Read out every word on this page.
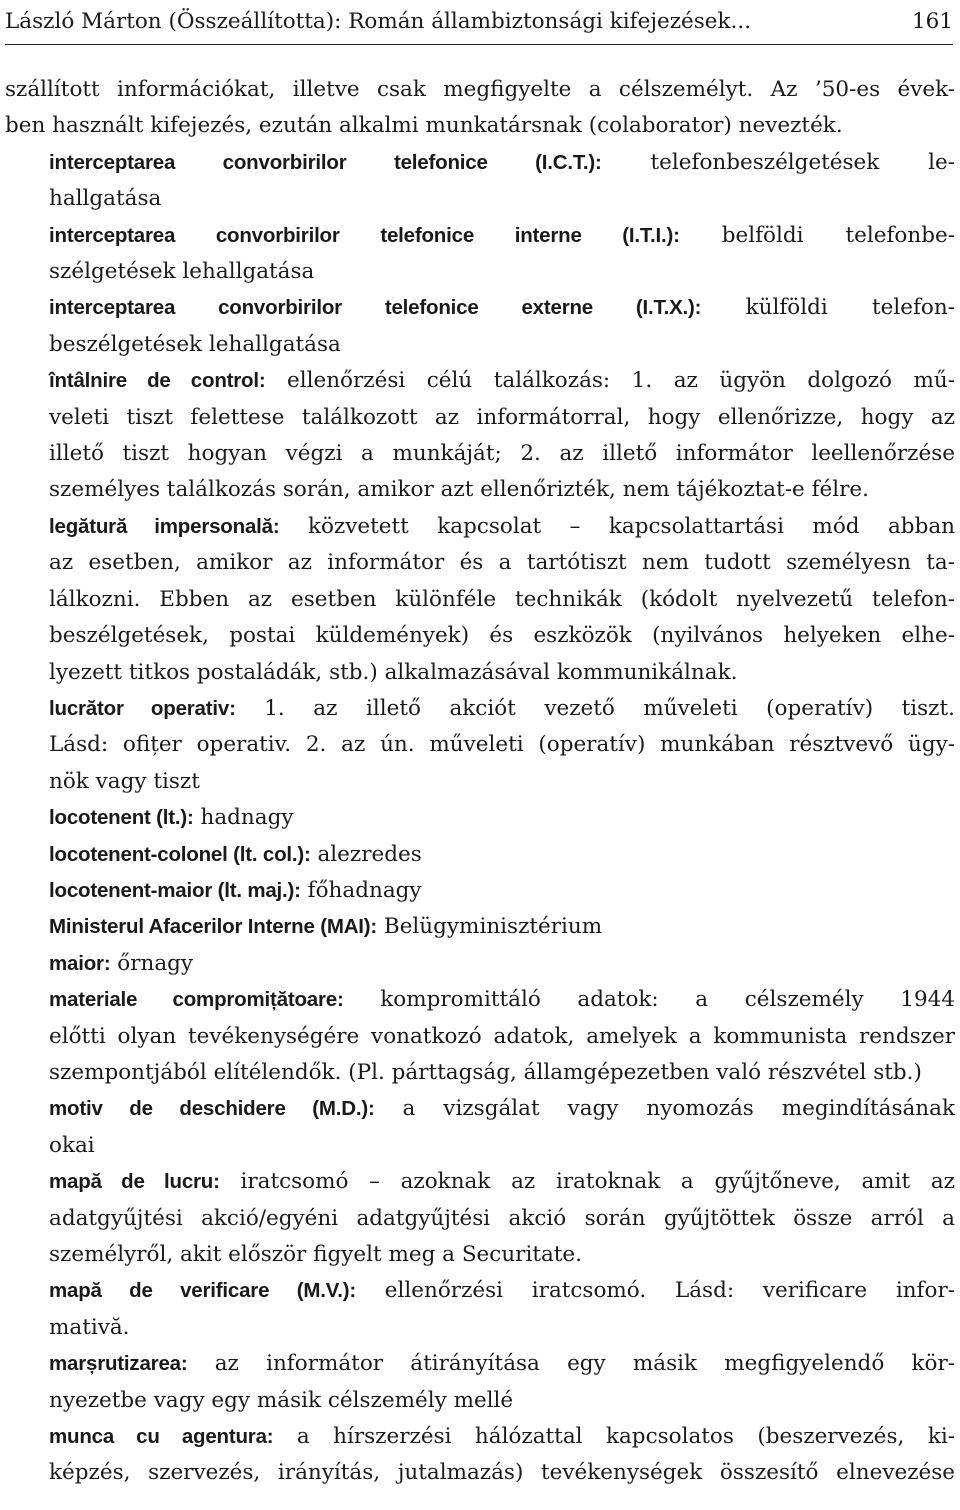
László Márton (Összeállította): Román állambiztonsági kifejezések...	161
szállított információkat, illetve csak megfigyelte a célszemélyt. Az ’50-es évek-
ben használt kifejezés, ezután alkalmi munkatársnak (colaborator) nevezték.
interceptarea convorbirilor telefonice (I.C.T.): telefonbeszélgetések le-
hallgatása
interceptarea convorbirilor telefonice interne (I.T.I.): belföldi telefonbe-
szélgetések lehallgatása
interceptarea convorbirilor telefonice externe (I.T.X.): külföldi telefon-
beszélgetések lehallgatása
întâlnire de control: ellenőrzési célú találkozás: 1. az ügyön dolgozó mű-
veleti tiszt felettese találkozott az informátorral, hogy ellenőrizze, hogy az
illető tiszt hogyan végzi a munkáját; 2. az illető informátor leellenőrzése
személyes találkozás során, amikor azt ellenőrizték, nem tájékoztat-e félre.
legătură impersonală: közvetett kapcsolat – kapcsolattartási mód abban
az esetben, amikor az informátor és a tartótiszt nem tudott személyesn ta-
lálkozni. Ebben az esetben különféle technikák (kódolt nyelvezetű telefon-
beszélgetések, postai küldemények) és eszközök (nyilvános helyeken elhe-
lyezett titkos postaládák, stb.) alkalmazásával kommunikálnak.
lucrător operativ: 1. az illető akciót vezető műveleti (operatív) tiszt.
Lásd: ofițer operativ. 2. az ún. műveleti (operatív) munkában résztvevő ügy-
nök vagy tiszt
locotenent (lt.): hadnagy
locotenent-colonel (lt. col.): alezredes
locotenent-maior (lt. maj.): főhadnagy
Ministerul Afacerilor Interne (MAI): Belügyminisztérium
maior: őrnagy
materiale compromițătoare: kompromittáló adatok: a célszemély 1944
előtti olyan tevékenységére vonatkozó adatok, amelyek a kommunista rendszer
szempontjából elítélendők. (Pl. párttagság, államgépezetben való részvétel stb.)
motiv de deschidere (M.D.): a vizsgálat vagy nyomozás megindításának
okai
mapă de lucru: iratcsomó – azoknak az iratoknak a gyűjtőneve, amit az
adatgyűjtési akció/egyéni adatgyűjtési akció során gyűjtöttek össze arról a
személyről, akit először figyelt meg a Securitate.
mapă de verificare (M.V.): ellenőrzési iratcsomó. Lásd: verificare infor-
mativă.
marșrutizarea: az informátor átirányítása egy másik megfigyelendő kör-
nyezetbe vagy egy másik célszemély mellé
munca cu agentura: a hírszerzési hálózattal kapcsolatos (beszervezés, ki-
képzés, szervezés, irányítás, jutalmazás) tevékenységek összesítő elnevezése
